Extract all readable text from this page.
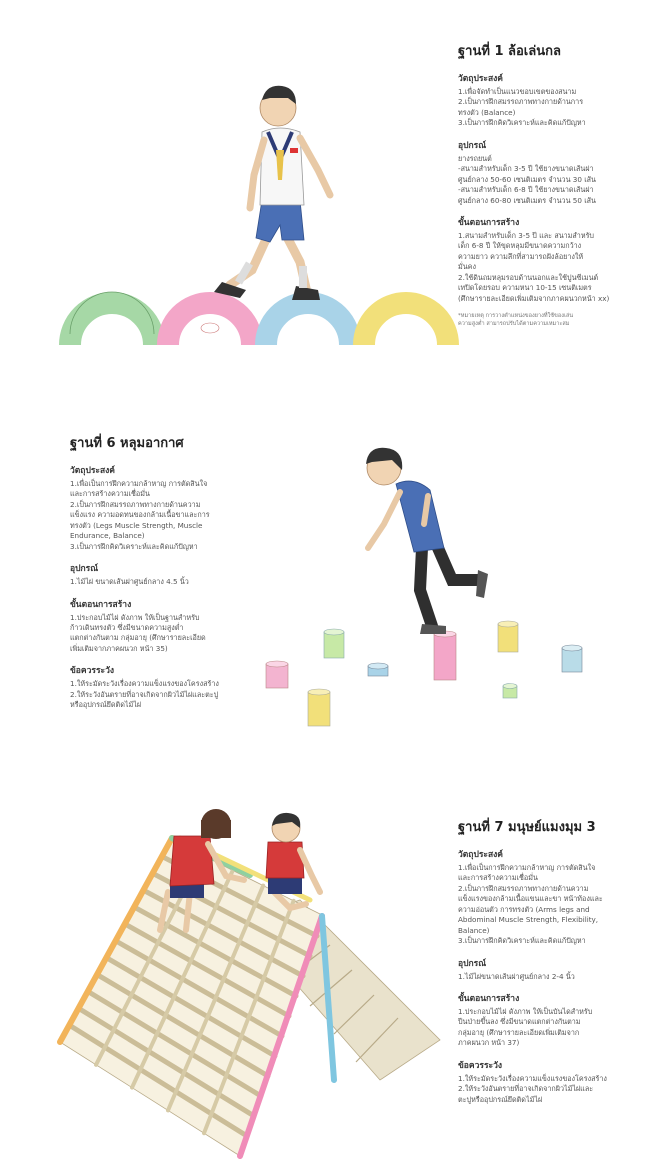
ฐานที่ 1 ล้อเล่นกล
วัตถุประสงค์
1.เพื่อจัดทำเป็นแนวขอบเขตของสนาม
2.เป็นการฝึกสมรรถภาพทางกายด้านการ
ทรงตัว (Balance)
3.เป็นการฝึกคิดวิเคราะห์และคิดแก้ปัญหา
อุปกรณ์
ยางรถยนต์
-สนามสำหรับเด็ก 3-5 ปี ใช้ยางขนาดเส้นผ่า
ศูนย์กลาง 50-60 เซนติเมตร จำนวน 30 เส้น
-สนามสำหรับเด็ก 6-8 ปี ใช้ยางขนาดเส้นผ่า
ศูนย์กลาง 60-80 เซนติเมตร จำนวน 50 เส้น
ขั้นตอนการสร้าง
1.สนามสำหรับเด็ก 3-5 ปี และ สนามสำหรับ
เด็ก 6-8 ปี ให้ขุดหลุมมีขนาดความกว้าง
ความยาว ความลึกที่สามารถฝังล้อยางให้
มั่นคง
2.ใช้ดินถมหลุมรอบด้านนอกและใช้ปูนซีเมนต์
เทปิดโดยรอบ ความหนา 10-15 เซนติเมตร
(ศึกษารายละเอียดเพิ่มเติมจากภาคผนวกหน้า xx)
*หมายเหตุ การวางตำแหน่งของยางที่ใช้ของเล่น
ความสูงต่ำ สามารถปรับได้ตามความเหมาะสม
ฐานที่ 6 หลุมอากาศ
วัตถุประสงค์
1.เพื่อเป็นการฝึกความกล้าหาญ การตัดสินใจ
และการสร้างความเชื่อมั่น
2.เป็นการฝึกสมรรถภาพทางกายด้านความ
แข็งแรง ความอดทนของกล้ามเนื้อขาและการ
ทรงตัว (Legs Muscle Strength, Muscle
Endurance, Balance)
3.เป็นการฝึกคิดวิเคราะห์และคิดแก้ปัญหา
อุปกรณ์
1.ไม้ไผ่ ขนาดเส้นผ่าศูนย์กลาง 4.5 นิ้ว
ขั้นตอนการสร้าง
1.ประกอบไม้ไผ่ ดังภาพ ให้เป็นฐานสำหรับ
ก้าวเดินทรงตัว ซึ่งมีขนาดความสูงต่ำ
แตกต่างกันตาม กลุ่มอายุ (ศึกษารายละเอียด
เพิ่มเติมจากภาคผนวก หน้า 35)
ข้อควรระวัง
1.ให้ระมัดระวังเรื่องความแข็งแรงของโครงสร้าง
2.ให้ระวังอันตรายที่อาจเกิดจากผิวไม้ไผ่และตะปู
หรืออุปกรณ์ยึดติดไม้ไผ่
ฐานที่ 7 มนุษย์แมงมุม 3
วัตถุประสงค์
1.เพื่อเป็นการฝึกความกล้าหาญ การตัดสินใจ
และการสร้างความเชื่อมั่น
2.เป็นการฝึกสมรรถภาพทางกายด้านความ
แข็งแรงของกล้ามเนื้อแขนและขา หน้าท้องและ
ความอ่อนตัว การทรงตัว (Arms legs and
Abdominal Muscle Strength, Flexibility,
Balance)
3.เป็นการฝึกคิดวิเคราะห์และคิดแก้ปัญหา
อุปกรณ์
1.ไม้ไผ่ขนาดเส้นผ่าศูนย์กลาง 2-4 นิ้ว
ขั้นตอนการสร้าง
1.ประกอบไม้ไผ่ ดังภาพ ให้เป็นบันไดสำหรับ
ปีนป่ายขึ้นลง ซึ่งมีขนาดแตกต่างกันตาม
กลุ่มอายุ (ศึกษารายละเอียดเพิ่มเติมจาก
ภาคผนวก หน้า 37)
ข้อควรระวัง
1.ให้ระมัดระวังเรื่องความแข็งแรงของโครงสร้าง
2.ให้ระวังอันตรายที่อาจเกิดจากผิวไม้ไผ่และ
ตะปูหรืออุปกรณ์ยึดติดไม้ไผ่
